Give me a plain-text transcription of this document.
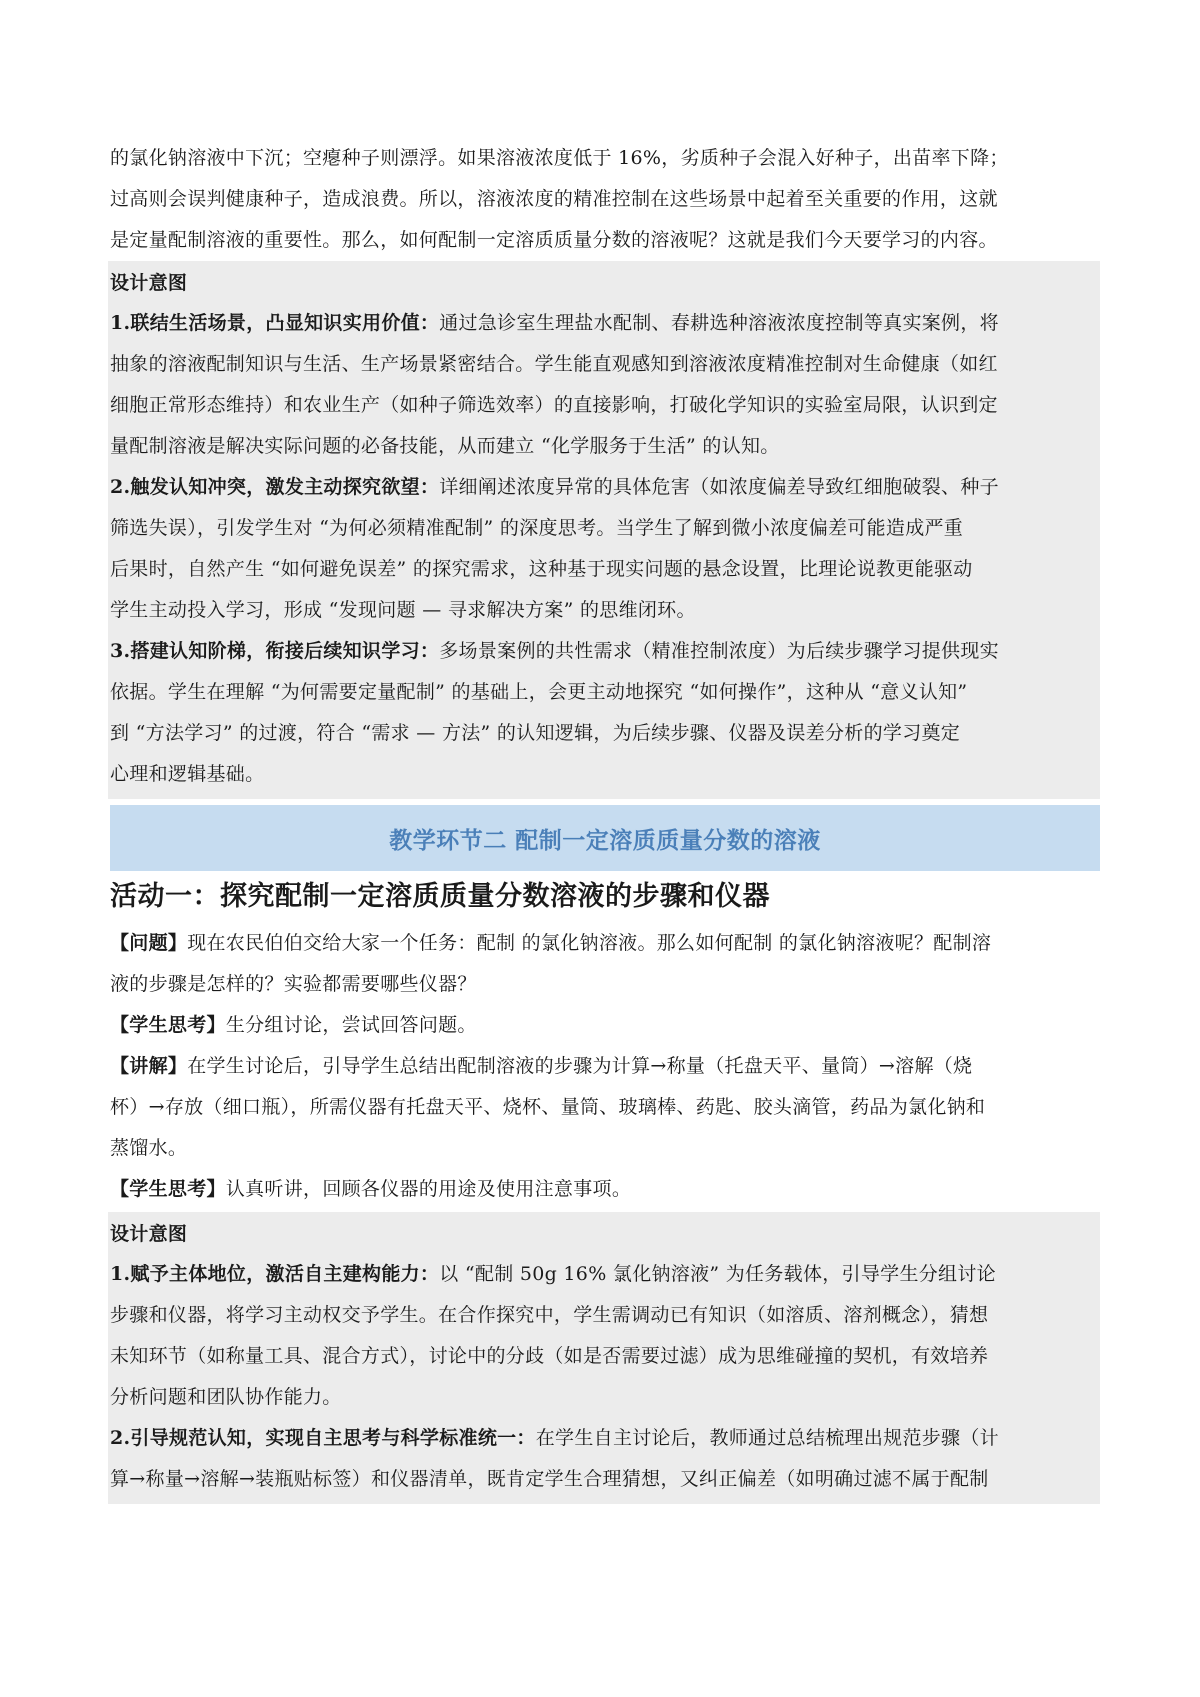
的氯化钠溶液中下沉；空瘪种子则漂浮。如果溶液浓度低于 16%，劣质种子会混入好种子，出苗率下降；

过高则会误判健康种子，造成浪费。所以，溶液浓度的精准控制在这些场景中起着至关重要的作用，这就

是定量配制溶液的重要性。那么，如何配制一定溶质质量分数的溶液呢？这就是我们今天要学习的内容。

设计意图

1.联结生活场景，凸显知识实用价值：通过急诊室生理盐水配制、春耕选种溶液浓度控制等真实案例，将

抽象的溶液配制知识与生活、生产场景紧密结合。学生能直观感知到溶液浓度精准控制对生命健康（如红

细胞正常形态维持）和农业生产（如种子筛选效率）的直接影响，打破化学知识的实验室局限，认识到定

量配制溶液是解决实际问题的必备技能，从而建立 “化学服务于生活” 的认知。

2.触发认知冲突，激发主动探究欲望：详细阐述浓度异常的具体危害（如浓度偏差导致红细胞破裂、种子

筛选失误），引发学生对 “为何必须精准配制” 的深度思考。当学生了解到微小浓度偏差可能造成严重

后果时，自然产生 “如何避免误差” 的探究需求，这种基于现实问题的悬念设置，比理论说教更能驱动

学生主动投入学习，形成 “发现问题 — 寻求解决方案” 的思维闭环。

3.搭建认知阶梯，衔接后续知识学习：多场景案例的共性需求（精准控制浓度）为后续步骤学习提供现实

依据。学生在理解 “为何需要定量配制” 的基础上，会更主动地探究 “如何操作”，这种从 “意义认知”

到 “方法学习” 的过渡，符合 “需求 — 方法” 的认知逻辑，为后续步骤、仪器及误差分析的学习奠定

心理和逻辑基础。

教学环节二 配制一定溶质质量分数的溶液

活动一：探究配制一定溶质质量分数溶液的步骤和仪器

【问题】现在农民伯伯交给大家一个任务：配制 的氯化钠溶液。那么如何配制 的氯化钠溶液呢？配制溶

液的步骤是怎样的？实验都需要哪些仪器？

【学生思考】生分组讨论，尝试回答问题。

【讲解】在学生讨论后，引导学生总结出配制溶液的步骤为计算→称量（托盘天平、量筒）→溶解（烧

杯）→存放（细口瓶），所需仪器有托盘天平、烧杯、量筒、玻璃棒、药匙、胶头滴管，药品为氯化钠和

蒸馏水。

【学生思考】认真听讲，回顾各仪器的用途及使用注意事项。

设计意图

1.赋予主体地位，激活自主建构能力：以 “配制 50g 16% 氯化钠溶液” 为任务载体，引导学生分组讨论

步骤和仪器，将学习主动权交予学生。在合作探究中，学生需调动已有知识（如溶质、溶剂概念），猜想

未知环节（如称量工具、混合方式），讨论中的分歧（如是否需要过滤）成为思维碰撞的契机，有效培养

分析问题和团队协作能力。

2.引导规范认知，实现自主思考与科学标准统一：在学生自主讨论后，教师通过总结梳理出规范步骤（计

算→称量→溶解→装瓶贴标签）和仪器清单，既肯定学生合理猜想，又纠正偏差（如明确过滤不属于配制
